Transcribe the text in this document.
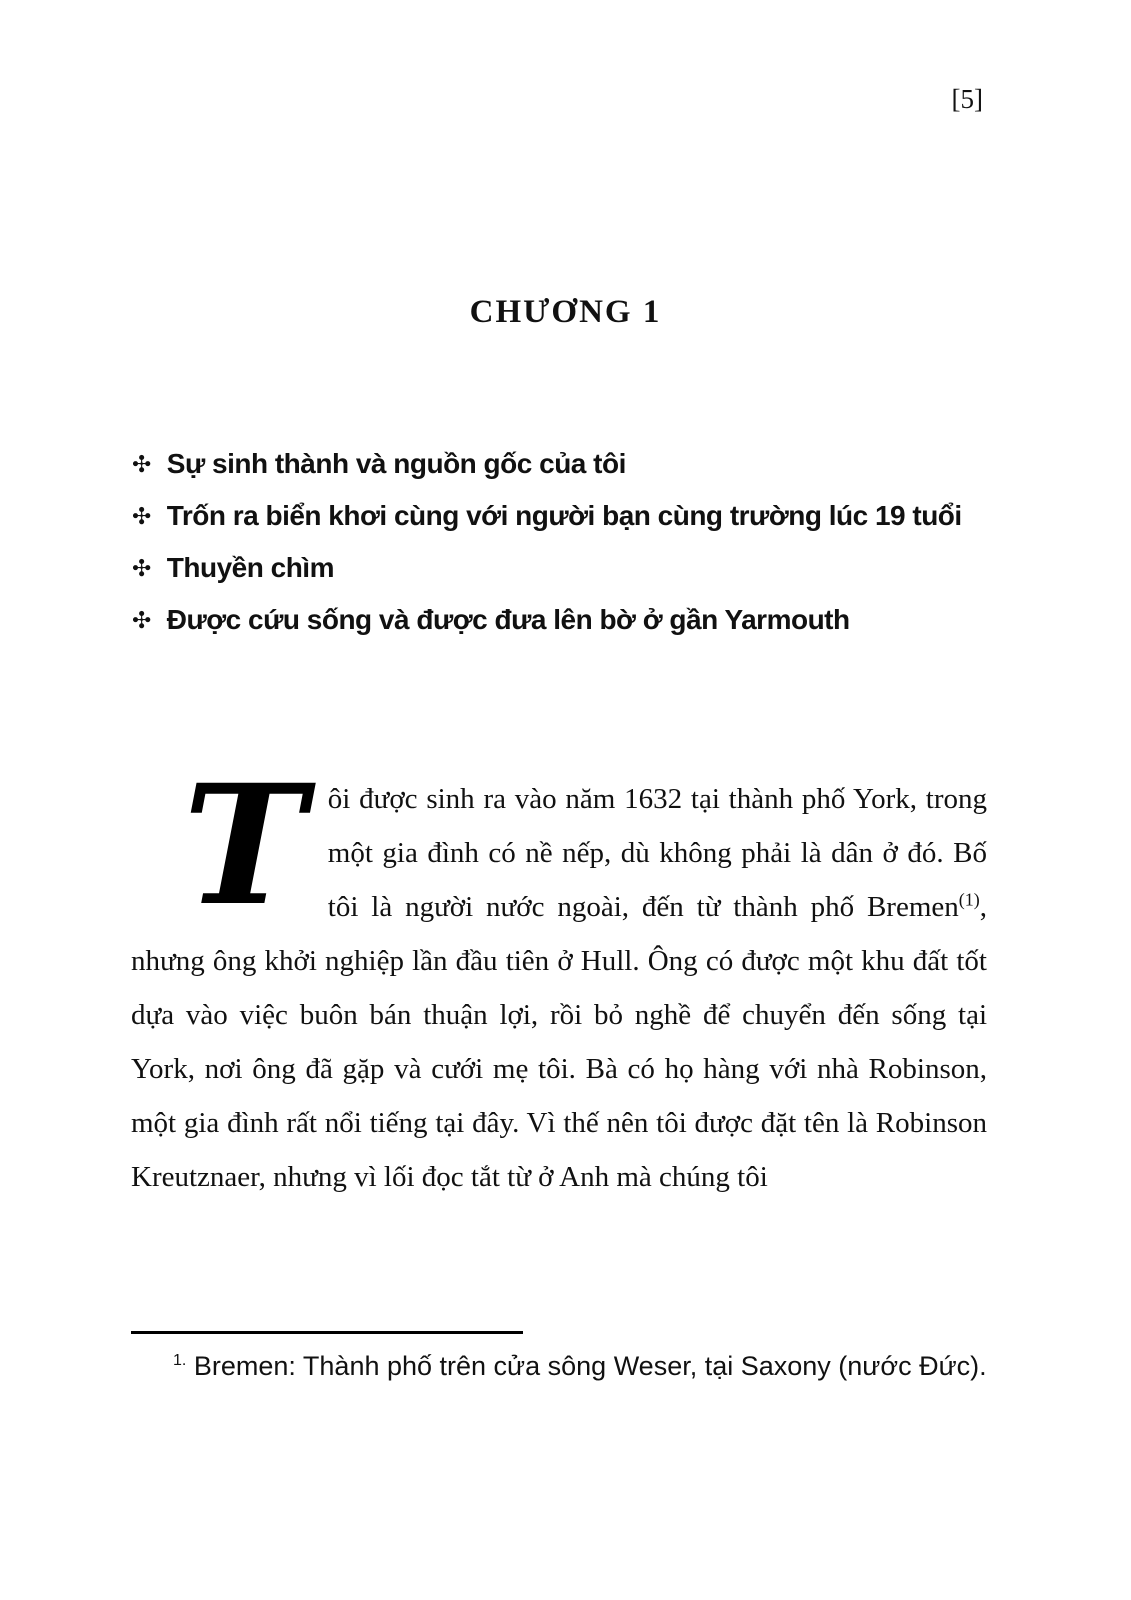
[5]
CHƯƠNG 1
✣ Sự sinh thành và nguồn gốc của tôi
✣ Trốn ra biển khơi cùng với người bạn cùng trường lúc 19 tuổi
✣ Thuyền chìm
✣ Được cứu sống và được đưa lên bờ ở gần Yarmouth
Tôi được sinh ra vào năm 1632 tại thành phố York, trong một gia đình có nề nếp, dù không phải là dân ở đó. Bố tôi là người nước ngoài, đến từ thành phố Bremen$^{(1)}$, nhưng ông khởi nghiệp lần đầu tiên ở Hull. Ông có được một khu đất tốt dựa vào việc buôn bán thuận lợi, rồi bỏ nghề để chuyển đến sống tại York, nơi ông đã gặp và cưới mẹ tôi. Bà có họ hàng với nhà Robinson, một gia đình rất nổi tiếng tại đây. Vì thế nên tôi được đặt tên là Robinson Kreutznaer, nhưng vì lối đọc tắt từ ở Anh mà chúng tôi
$^{1.}$ Bremen: Thành phố trên cửa sông Weser, tại Saxony (nước Đức).
